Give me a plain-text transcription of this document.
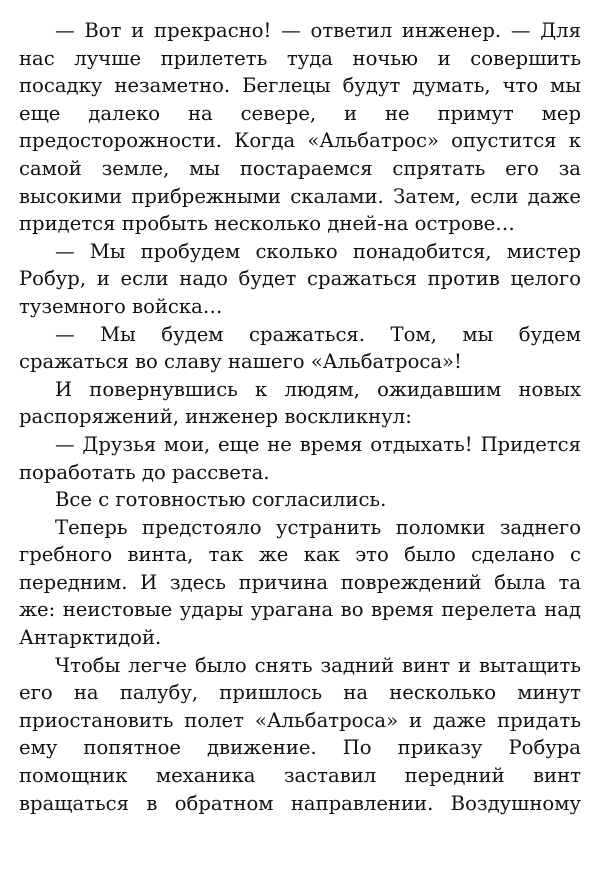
— Вот и прекрасно! — ответил инженер. — Для нас лучше прилететь туда ночью и совершить посадку незаметно. Беглецы будут думать, что мы еще далеко на севере, и не примут мер предосторожности. Когда «Альбатрос» опустится к самой земле, мы постараемся спрятать его за высокими прибрежными скалами. Затем, если даже придется пробыть несколько дней-на острове…

— Мы пробудем сколько понадобится, мистер Робур, и если надо будет сражаться против целого туземного войска…

— Мы будем сражаться. Том, мы будем сражаться во славу нашего «Альбатроса»!

И повернувшись к людям, ожидавшим новых распоряжений, инженер воскликнул:

— Друзья мои, еще не время отдыхать! Придется поработать до рассвета.

Все с готовностью согласились.

Теперь предстояло устранить поломки заднего гребного винта, так же как это было сделано с передним. И здесь причина повреждений была та же: неистовые удары урагана во время перелета над Антарктидой.

Чтобы легче было снять задний винт и вытащить его на палубу, пришлось на несколько минут приостановить полет «Альбатроса» и даже придать ему попятное движение. По приказу Робура помощник механика заставил передний винт вращаться в обратном направлении. Воздушному
